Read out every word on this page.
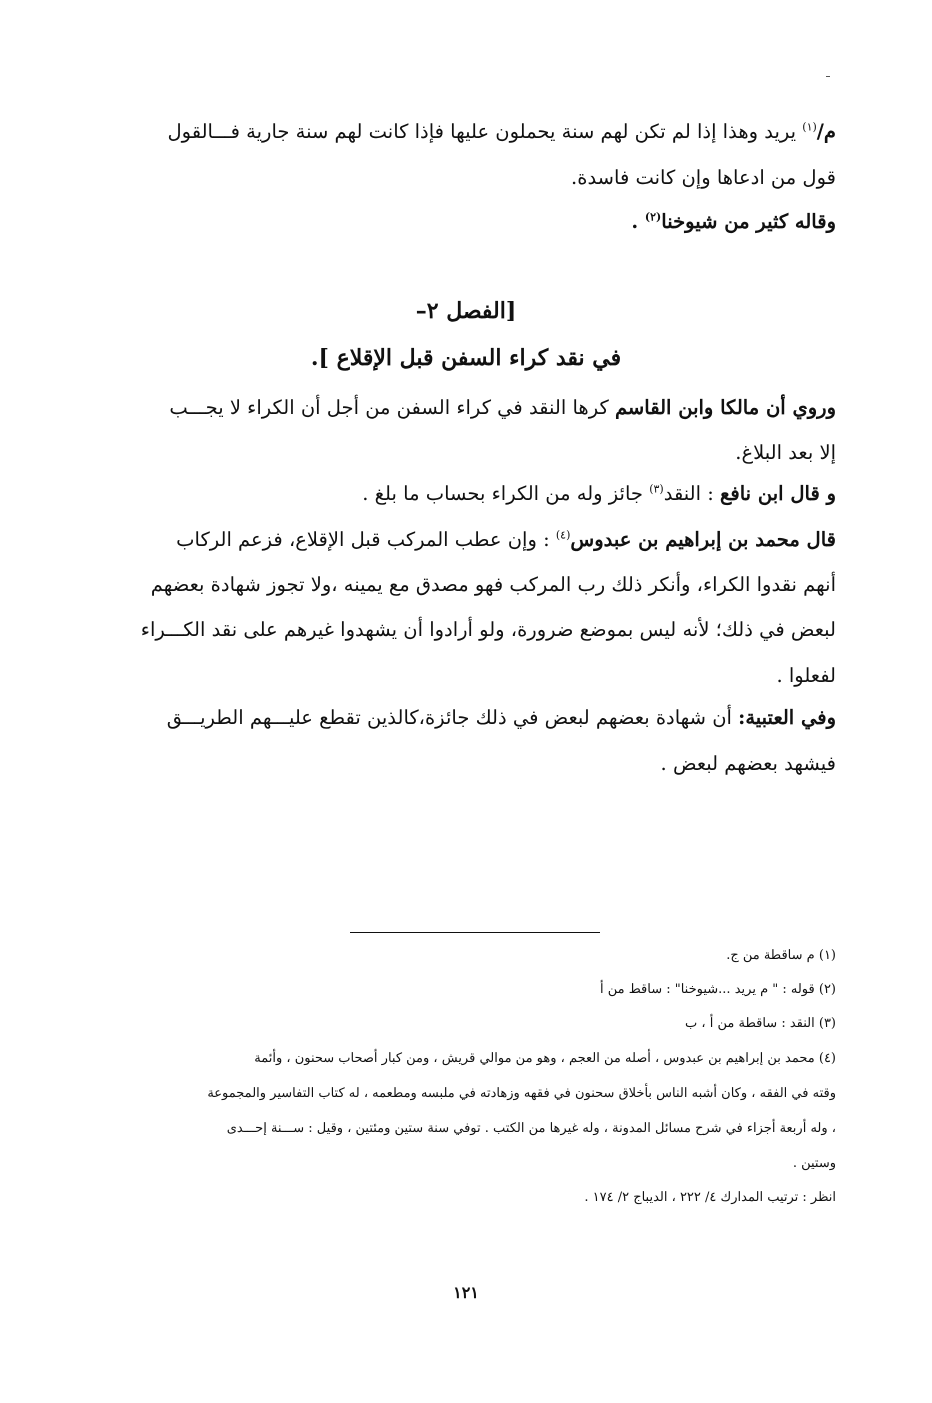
م/$^{(١)}$ يريد وهذا إذا لم تكن لهم سنة يحملون عليها فإذا كانت لهم سنة جارية فـــالقول
قول من ادعاها وإن كانت فاسدة.
وقاله كثير من شيوخنا$^{(٢)}$ .
[الفصل ٢–
في نقد كراء السفن قبل الإقلاع ].
وروي أن مالكا وابن القاسم كرها النقد في كراء السفن من أجل أن الكراء لا يجـــب
إلا بعد البلاغ.
و قال ابن نافع : النقد$^{(٣)}$ جائز وله من الكراء بحساب ما بلغ .
قال محمد بن إبراهيم بن عبدوس$^{(٤)}$ : وإن عطب المركب قبل الإقلاع، فزعم الركاب
أنهم نقدوا الكراء، وأنكر ذلك رب المركب فهو مصدق مع يمينه ،ولا تجوز شهادة بعضهم
لبعض في ذلك؛ لأنه ليس بموضع ضرورة، ولو أرادوا أن يشهدوا غيرهم على نقد الكـــراء
لفعلوا .
وفي العتبية: أن شهادة بعضهم لبعض في ذلك جائزة،كالذين تقطع عليـــهم الطريـــق
فيشهد بعضهم لبعض .
(١) م ساقطة من ج.
(٢) قوله : " م يريد ...شيوخنا" : ساقط من أ
(٣) النقد : ساقطة من أ ، ب
(٤) محمد بن إبراهيم بن عبدوس ، أصله من العجم ، وهو من موالي قريش ، ومن كبار أصحاب سحنون ، وأئمة
وقته في الفقه ، وكان أشبه الناس بأخلاق سحنون في فقهه وزهادته في ملبسه ومطعمه ، له كتاب التفاسير والمجموعة
، وله أربعة أجزاء في شرح مسائل المدونة ، وله غيرها من الكتب . توفي سنة ستين ومئتين ، وقيل : ســـنة إحـــدى
وستين .
انظر : ترتيب المدارك ٤/ ٢٢٢ ، الديباج ٢/ ١٧٤ .
١٢١
